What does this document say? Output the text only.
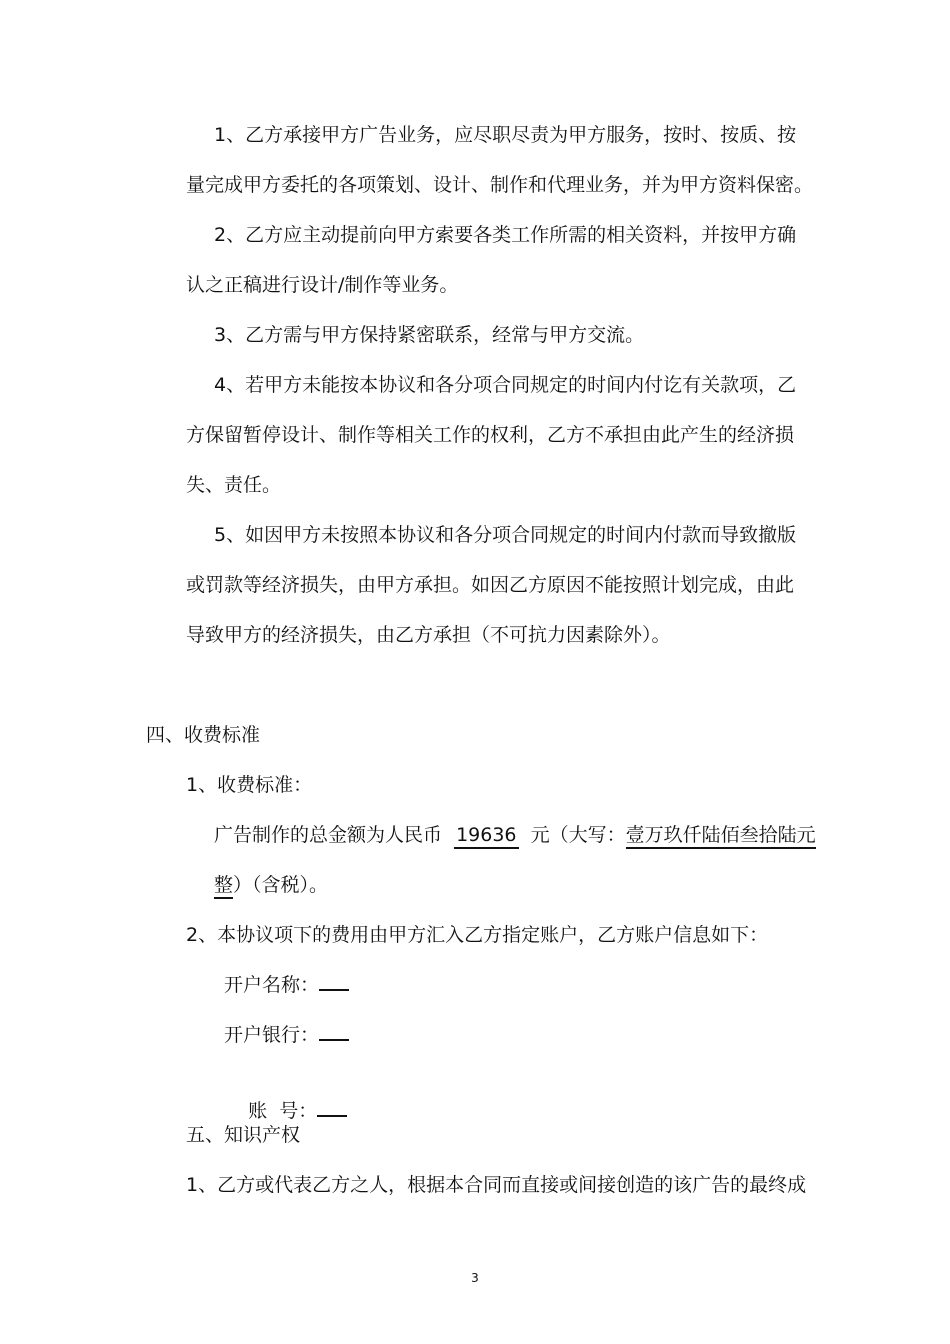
1、乙方承接甲方广告业务，应尽职尽责为甲方服务，按时、按质、按
量完成甲方委托的各项策划、设计、制作和代理业务，并为甲方资料保密。
2、乙方应主动提前向甲方索要各类工作所需的相关资料，并按甲方确
认之正稿进行设计/制作等业务。
3、乙方需与甲方保持紧密联系，经常与甲方交流。
4、若甲方未能按本协议和各分项合同规定的时间内付讫有关款项，乙
方保留暂停设计、制作等相关工作的权利，乙方不承担由此产生的经济损
失、责任。
5、如因甲方未按照本协议和各分项合同规定的时间内付款而导致撤版
或罚款等经济损失，由甲方承担。如因乙方原因不能按照计划完成，由此
导致甲方的经济损失，由乙方承担（不可抗力因素除外）。
四、收费标准
1、收费标准：
广告制作的总金额为人民币 19636 元（大写：壹万玖仟陆佰叁拾陆元
整）（含税）。
2、本协议项下的费用由甲方汇入乙方指定账户，乙方账户信息如下：
开户名称：
开户银行：

账  号：

五、知识产权
1、乙方或代表乙方之人，根据本合同而直接或间接创造的该广告的最终成
3
